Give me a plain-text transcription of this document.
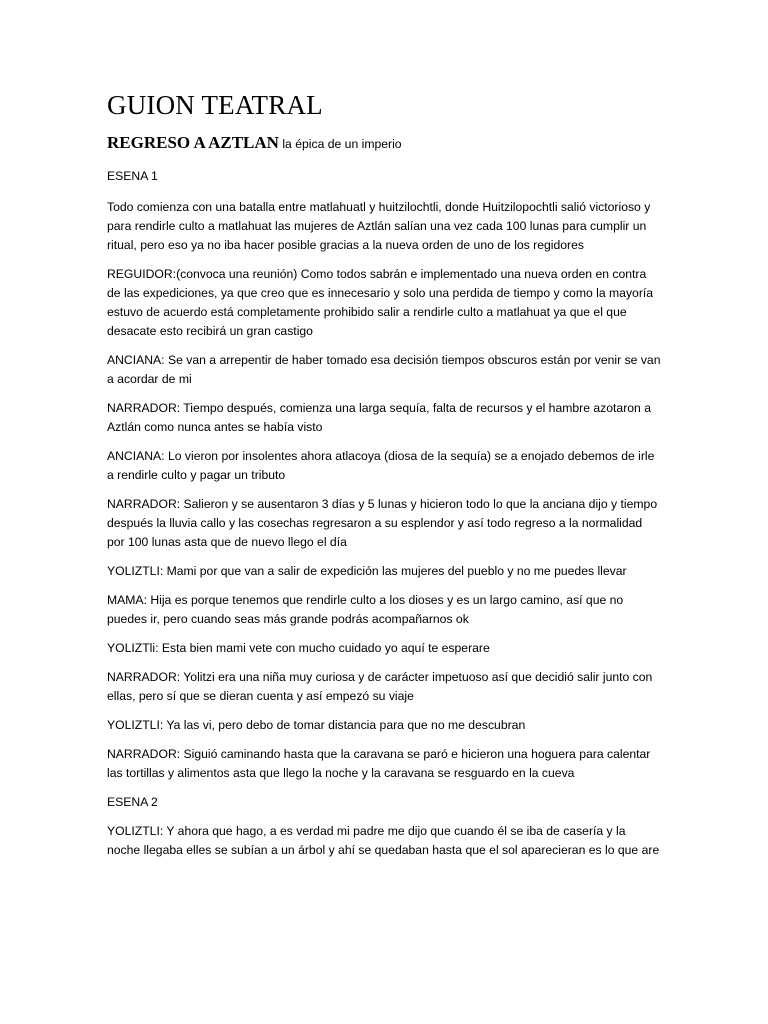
GUION TEATRAL
REGRESO A AZTLAN la épica de un imperio

ESENA 1

Todo comienza con una batalla entre matlahuatl y huitzilochtli, donde Huitzilopochtli salió victorioso y para rendirle culto a matlahuat las mujeres de Aztlán salían una vez cada 100 lunas para cumplir un ritual, pero eso ya no iba hacer posible gracias a la nueva orden de uno de los regidores

REGUIDOR:(convoca una reunión) Como todos sabrán e implementado una nueva orden en contra de las expediciones, ya que creo que es innecesario y solo una perdida de tiempo y como la mayoría estuvo de acuerdo está completamente prohibido salir a rendirle culto a matlahuat ya que el que desacate esto recibirá un gran castigo

ANCIANA: Se van a arrepentir de haber tomado esa decisión tiempos obscuros están por venir se van a acordar de mi

NARRADOR: Tiempo después, comienza una larga sequía, falta de recursos y el hambre azotaron a Aztlán como nunca antes se había visto

ANCIANA: Lo vieron por insolentes ahora atlacoya (diosa de la sequía) se a enojado debemos de irle a rendirle culto y pagar un tributo

NARRADOR: Salieron y se ausentaron 3 días y 5 lunas y hicieron todo lo que la anciana dijo y tiempo después la lluvia callo y las cosechas regresaron a su esplendor y así todo regreso a la normalidad por 100 lunas asta que de nuevo llego el día

YOLIZTLI: Mami por que van a salir de expedición las mujeres del pueblo y no me puedes llevar

MAMA: Hija es porque tenemos que rendirle culto a los dioses y es un largo camino, así que no puedes ir, pero cuando seas más grande podrás acompañarnos ok

YOLIZTli: Esta bien mami vete con mucho cuidado yo aquí te esperare

NARRADOR: Yolitzi era una niña muy curiosa y de carácter impetuoso así que decidió salir junto con ellas, pero sí que se dieran cuenta y así empezó su viaje

YOLIZTLI: Ya las vi, pero debo de tomar distancia para que no me descubran

NARRADOR: Siguió caminando hasta que la caravana se paró e hicieron una hoguera para calentar las tortillas y alimentos asta que llego la noche y la caravana se resguardo en la cueva

ESENA 2

YOLIZTLI: Y ahora que hago, a es verdad mi padre me dijo que cuando él se iba de casería y la noche llegaba elles se subían a un árbol y ahí se quedaban hasta que el sol aparecieran es lo que are
